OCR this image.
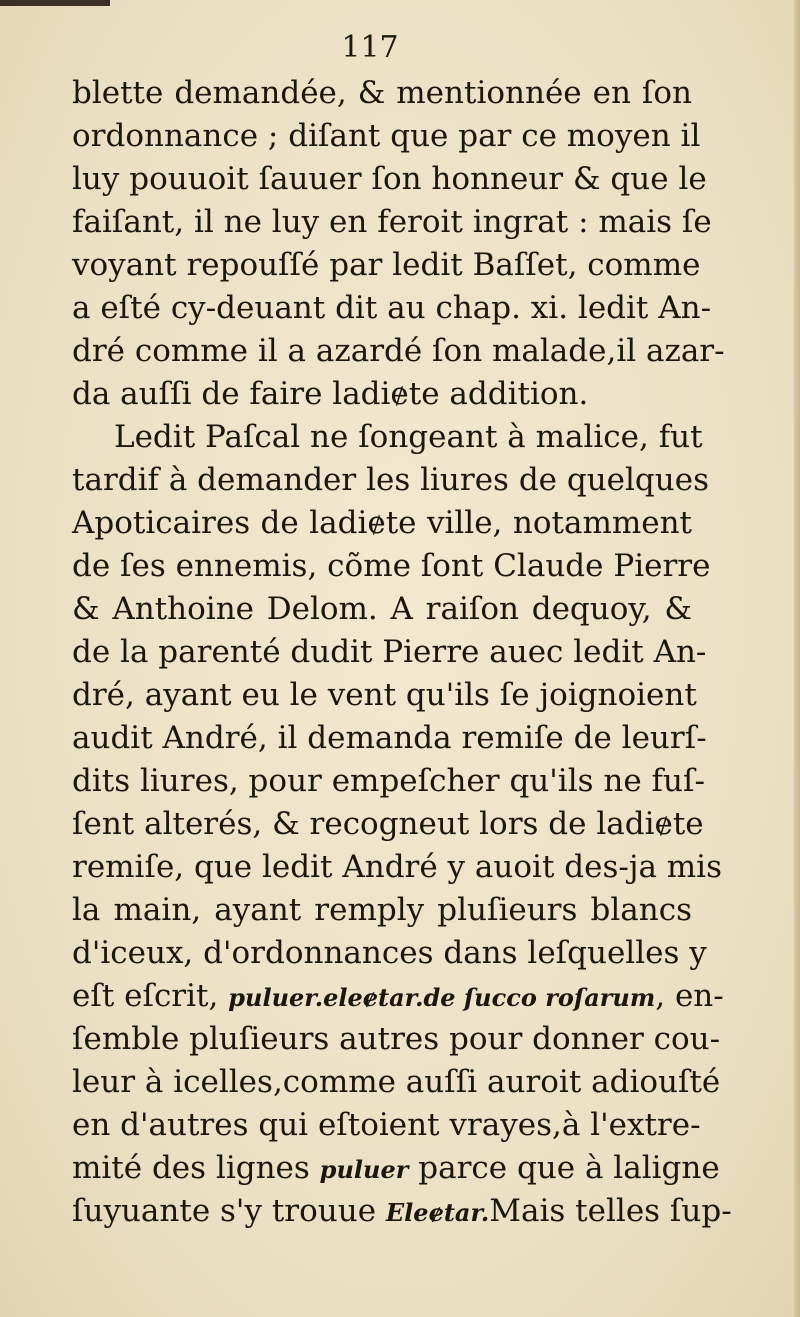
117
blette demandée, & mentionnée en ſon
ordonnance ; diſant que par ce moyen il
luy pouuoit ſauuer ſon honneur & que le
faiſant, il ne luy en feroit ingrat : mais ſe
voyant repouſſé par ledit Baſſet, comme
a eſté cy-deuant dit au chap. xi. ledit An-
dré comme il a azardé ſon malade,il azar-
da auſſi de faire ladiɇte addition.
Ledit Paſcal ne ſongeant à malice, fut
tardif à demander les liures de quelques
Apoticaires de ladiɇte ville, notamment
de ſes ennemis, cõme ſont Claude Pierre
& Anthoine Delom. A raiſon dequoy, &
de la parenté dudit Pierre auec ledit An-
dré, ayant eu le vent qu'ils ſe joignoient
audit André, il demanda remiſe de leurſ-
dits liures, pour empeſcher qu'ils ne fuſ-
ſent alterés, & recogneut lors de ladiɇte
remiſe, que ledit André y auoit des-ja mis
la main, ayant remply pluſieurs blancs
d'iceux, d'ordonnances dans leſquelles y
eſt eſcrit, puluer.eleɇtar.de ſucco roſarum, en-
ſemble pluſieurs autres pour donner cou-
leur à icelles,comme auſſi auroit adiouſté
en d'autres qui eſtoient vrayes,à l'extre-
mité des lignes puluer parce que à laligne
ſuyuante s'y trouue Eleɇtar.Mais telles ſup-
